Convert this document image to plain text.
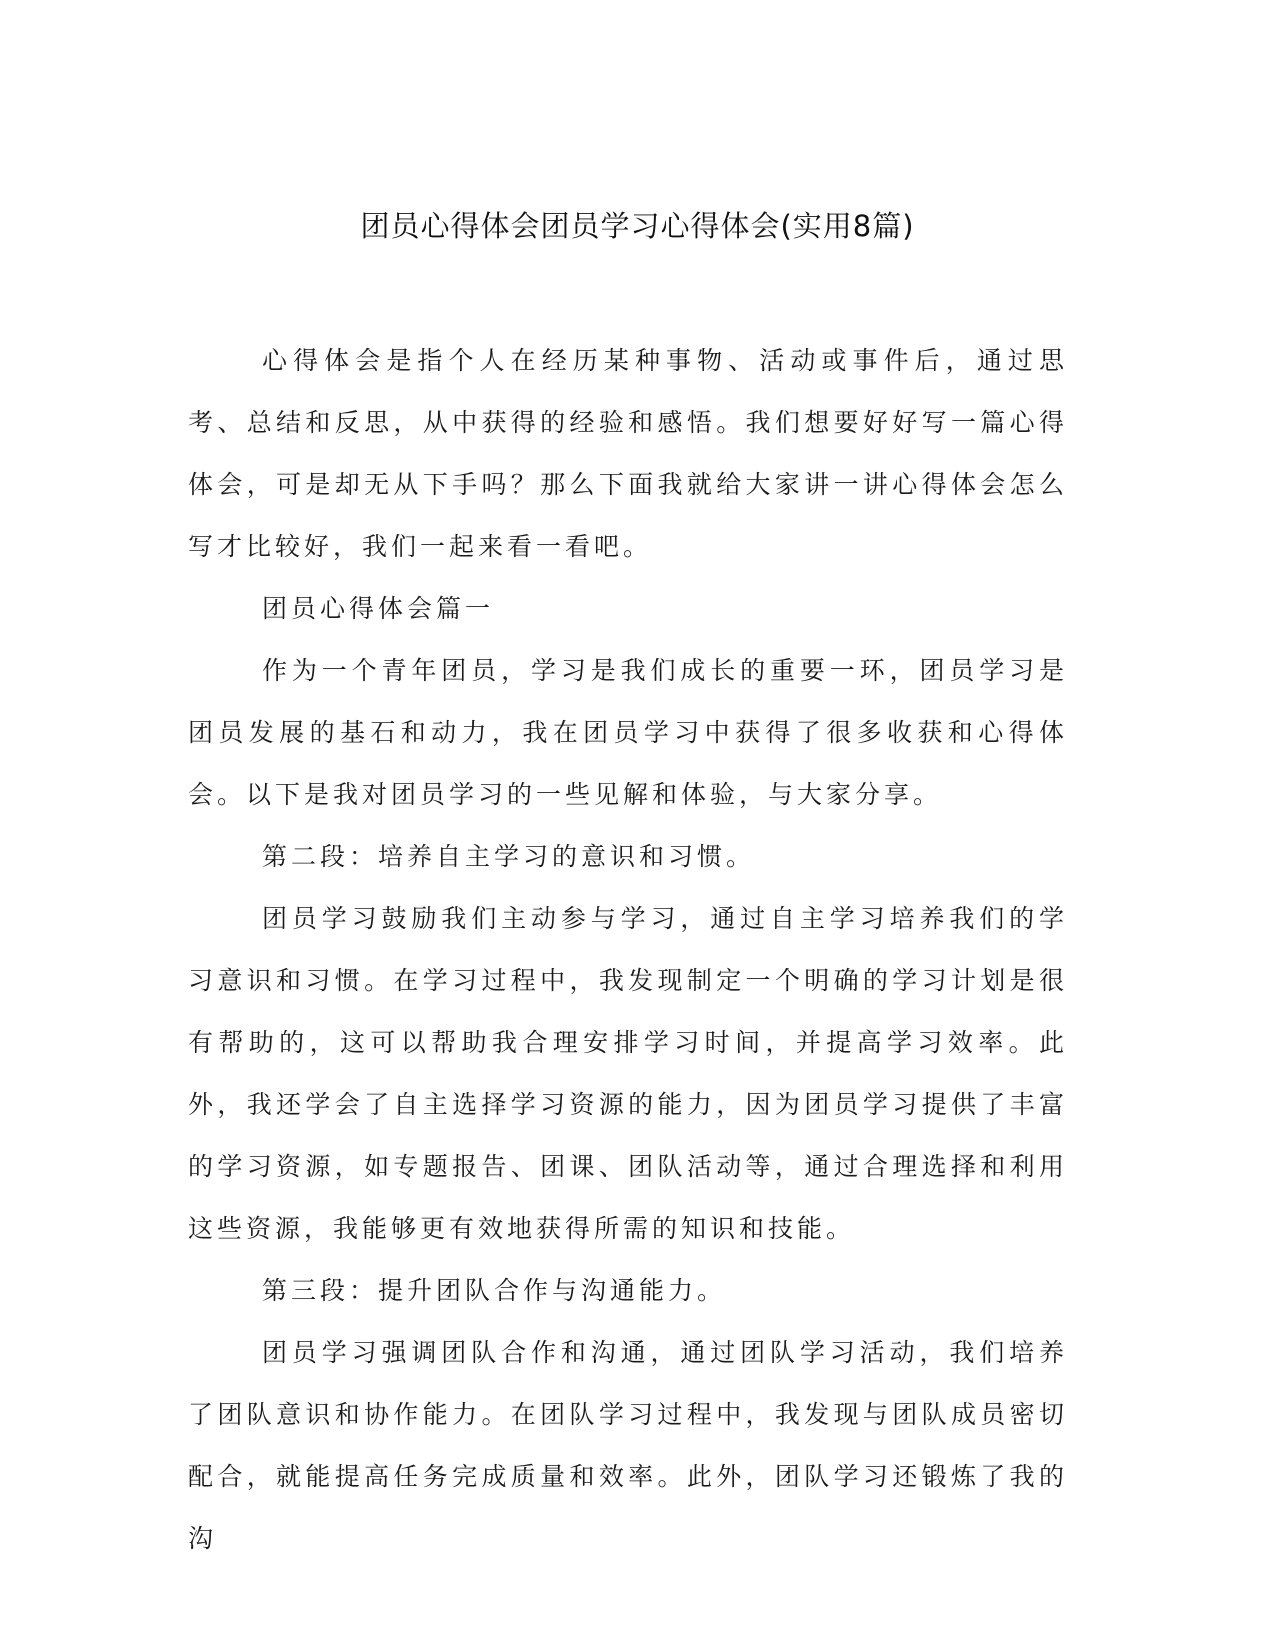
团员心得体会团员学习心得体会(实用8篇)

心得体会是指个人在经历某种事物、活动或事件后，通过思考、总结和反思，从中获得的经验和感悟。我们想要好好写一篇心得体会，可是却无从下手吗？那么下面我就给大家讲一讲心得体会怎么写才比较好，我们一起来看一看吧。

团员心得体会篇一

作为一个青年团员，学习是我们成长的重要一环，团员学习是团员发展的基石和动力，我在团员学习中获得了很多收获和心得体会。以下是我对团员学习的一些见解和体验，与大家分享。

第二段：培养自主学习的意识和习惯。

团员学习鼓励我们主动参与学习，通过自主学习培养我们的学习意识和习惯。在学习过程中，我发现制定一个明确的学习计划是很有帮助的，这可以帮助我合理安排学习时间，并提高学习效率。此外，我还学会了自主选择学习资源的能力，因为团员学习提供了丰富的学习资源，如专题报告、团课、团队活动等，通过合理选择和利用这些资源，我能够更有效地获得所需的知识和技能。

第三段：提升团队合作与沟通能力。

团员学习强调团队合作和沟通，通过团队学习活动，我们培养了团队意识和协作能力。在团队学习过程中，我发现与团队成员密切配合，就能提高任务完成质量和效率。此外，团队学习还锻炼了我的沟
